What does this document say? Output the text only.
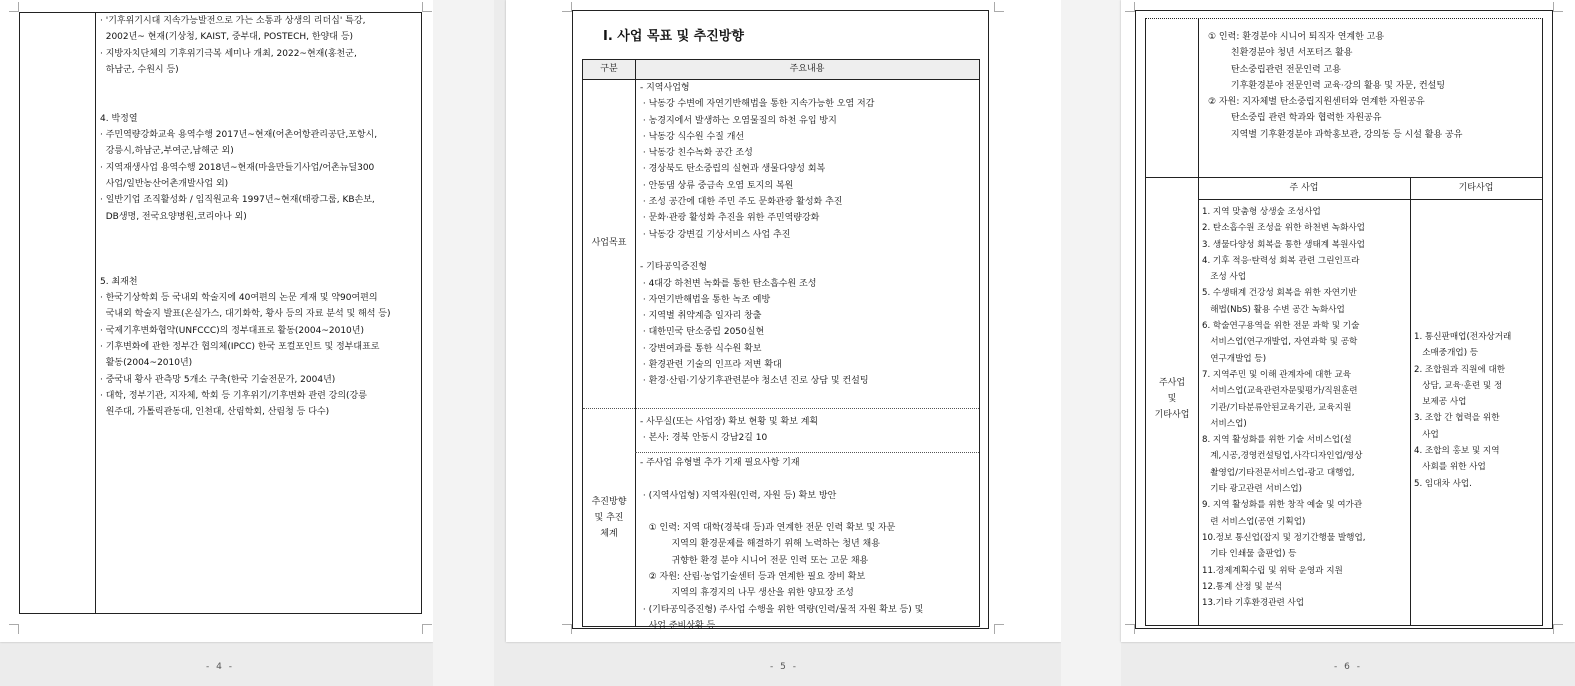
· '기후위기시대 지속가능발전으로 가는 소통과 상생의 리더십' 특강,
2002년~ 현재(기상청, KAIST, 중부대, POSTECH, 한양대 등)
· 지방자치단체의 기후위기극복 세미나 개최, 2022~현재(홍천군,
하남군, 수원시 등)
4. 박정열
· 주민역량강화교육 용역수행 2017년~현재(어촌어항관리공단,포항시,
강릉시,하남군,부여군,남해군 외)
· 지역재생사업 용역수행 2018년~현재(마을만들기사업/어촌뉴딜300
사업/일반농산어촌개발사업 외)
· 일반기업 조직활성화 / 임직원교육 1997년~현재(태광그룹, KB손보,
DB생명, 전국요양병원,코리아나 외)
5. 최재천
· 한국기상학회 등 국내외 학술지에 40여편의 논문 게재 및 약90여편의
국내외 학술지 발표(온실가스, 대기화학, 황사 등의 자료 분석 및 해석 등)
· 국제기후변화협약(UNFCCC)의 정부대표로 활동(2004~2010년)
· 기후변화에 관한 정부간 협의체(IPCC) 한국 포컬포인트 및 정부대표로
활동(2004~2010년)
· 중국내 황사 관측망 5개소 구축(한국 기술전문가, 2004년)
· 대학, 정부기관, 지자체, 학회 등 기후위기/기후변화 관련 강의(강릉
원주대, 가톨릭관동대, 인천대, 산림학회, 산림청 등 다수)
- 4 -
Ⅰ. 사업 목표 및 추진방향
구분	주요내용
사업목표
- 지역사업형
· 낙동강 수변에 자연기반해법을 통한 지속가능한 오염 저감
· 농경지에서 발생하는 오염물질의 하천 유입 방지
· 낙동강 식수원 수질 개선
· 낙동강 친수녹화 공간 조성
· 경상북도 탄소중립의 실현과 생물다양성 회복
· 안동댐 상류 중금속 오염 토지의 복원
· 조성 공간에 대한 주민 주도 문화관광 활성화 추진
· 문화·관광 활성화 추진을 위한 주민역량강화
· 낙동강 강변길 기상서비스 사업 추진
- 기타공익증진형
· 4대강 하천변 녹화를 통한 탄소흡수원 조성
· 자연기반해법을 통한 녹조 예방
· 지역별 취약계층 일자리 창출
· 대한민국 탄소중립 2050실현
· 강변여과를 통한 식수원 확보
· 환경관련 기술의 인프라 저변 확대
· 환경·산림·기상기후관련분야 청소년 진로 상담 및 컨설팅
추진방향
및 추진
체계
- 사무실(또는 사업장) 확보 현황 및 확보 계획
· 본사: 경북 안동시 강남2길 10
- 주사업 유형별 추가 기재 필요사항 기재
· (지역사업형) 지역자원(인력, 자원 등) 확보 방안
① 인력: 지역 대학(경북대 등)과 연계한 전문 인력 확보 및 자문
지역의 환경문제를 해결하기 위해 노력하는 청년 채용
귀향한 환경 분야 시니어 전문 인력 또는 고문 채용
② 자원: 산림·농업기술센터 등과 연계한 필요 장비 확보
지역의 휴경지의 나무 생산을 위한 양묘장 조성
· (기타공익증진형) 주사업 수행을 위한 역량(인력/물적 자원 확보 등) 및
사업 준비상황 등
- 5 -
① 인력: 환경분야 시니어 퇴직자 연계한 고용
친환경분야 청년 서포터즈 활용
탄소중립관련 전문인력 고용
기후환경분야 전문인력 교육·강의 활용 및 자문, 컨설팅
② 자원: 지자체별 탄소중립지원센터와 연계한 자원공유
탄소중립 관련 학과와 협력한 자원공유
지역별 기후환경분야 과학홍보관, 강의동 등 시설 활용 공유
주 사업	기타사업
주사업
및
기타사업
1. 지역 맞춤형 상생숲 조성사업
2. 탄소흡수원 조성을 위한 하천변 녹화사업
3. 생물다양성 회복을 통한 생태계 복원사업
4. 기후 적응·탄력성 회복 관련 그린인프라
조성 사업
5. 수생태계 건강성 회복을 위한 자연기반
해법(NbS) 활용 수변 공간 녹화사업
6. 학술연구용역을 위한 전문 과학 및 기술
서비스업(연구개발업, 자연과학 및 공학
연구개발업 등)
7. 지역주민 및 이해 관계자에 대한 교육
서비스업(교육관련자문및평가/직원훈련
기관/기타분류안된교육기관, 교육지원
서비스업)
8. 지역 활성화를 위한 기술 서비스업(설
계,시공,경영컨설팅업,사각디자인업/영상
촬영업/기타전문서비스업-광고 대행업,
기타 광고관련 서비스업)
9. 지역 활성화를 위한 창작 예술 및 여가관
련 서비스업(공연 기획업)
10.정보 통신업(잡지 및 정기간행물 발행업,
기타 인쇄물 출판업) 등
11.경제계획수립 및 위탁 운영과 지원
12.통계 산정 및 분석
13.기타 기후환경관련 사업
1. 통신판매업(전자상거래
소매중개업) 등
2. 조합원과 직원에 대한
상담, 교육·훈련 및 정
보제공 사업
3. 조합 간 협력을 위한
사업
4. 조합의 홍보 및 지역
사회를 위한 사업
5. 임대차 사업.
- 6 -
